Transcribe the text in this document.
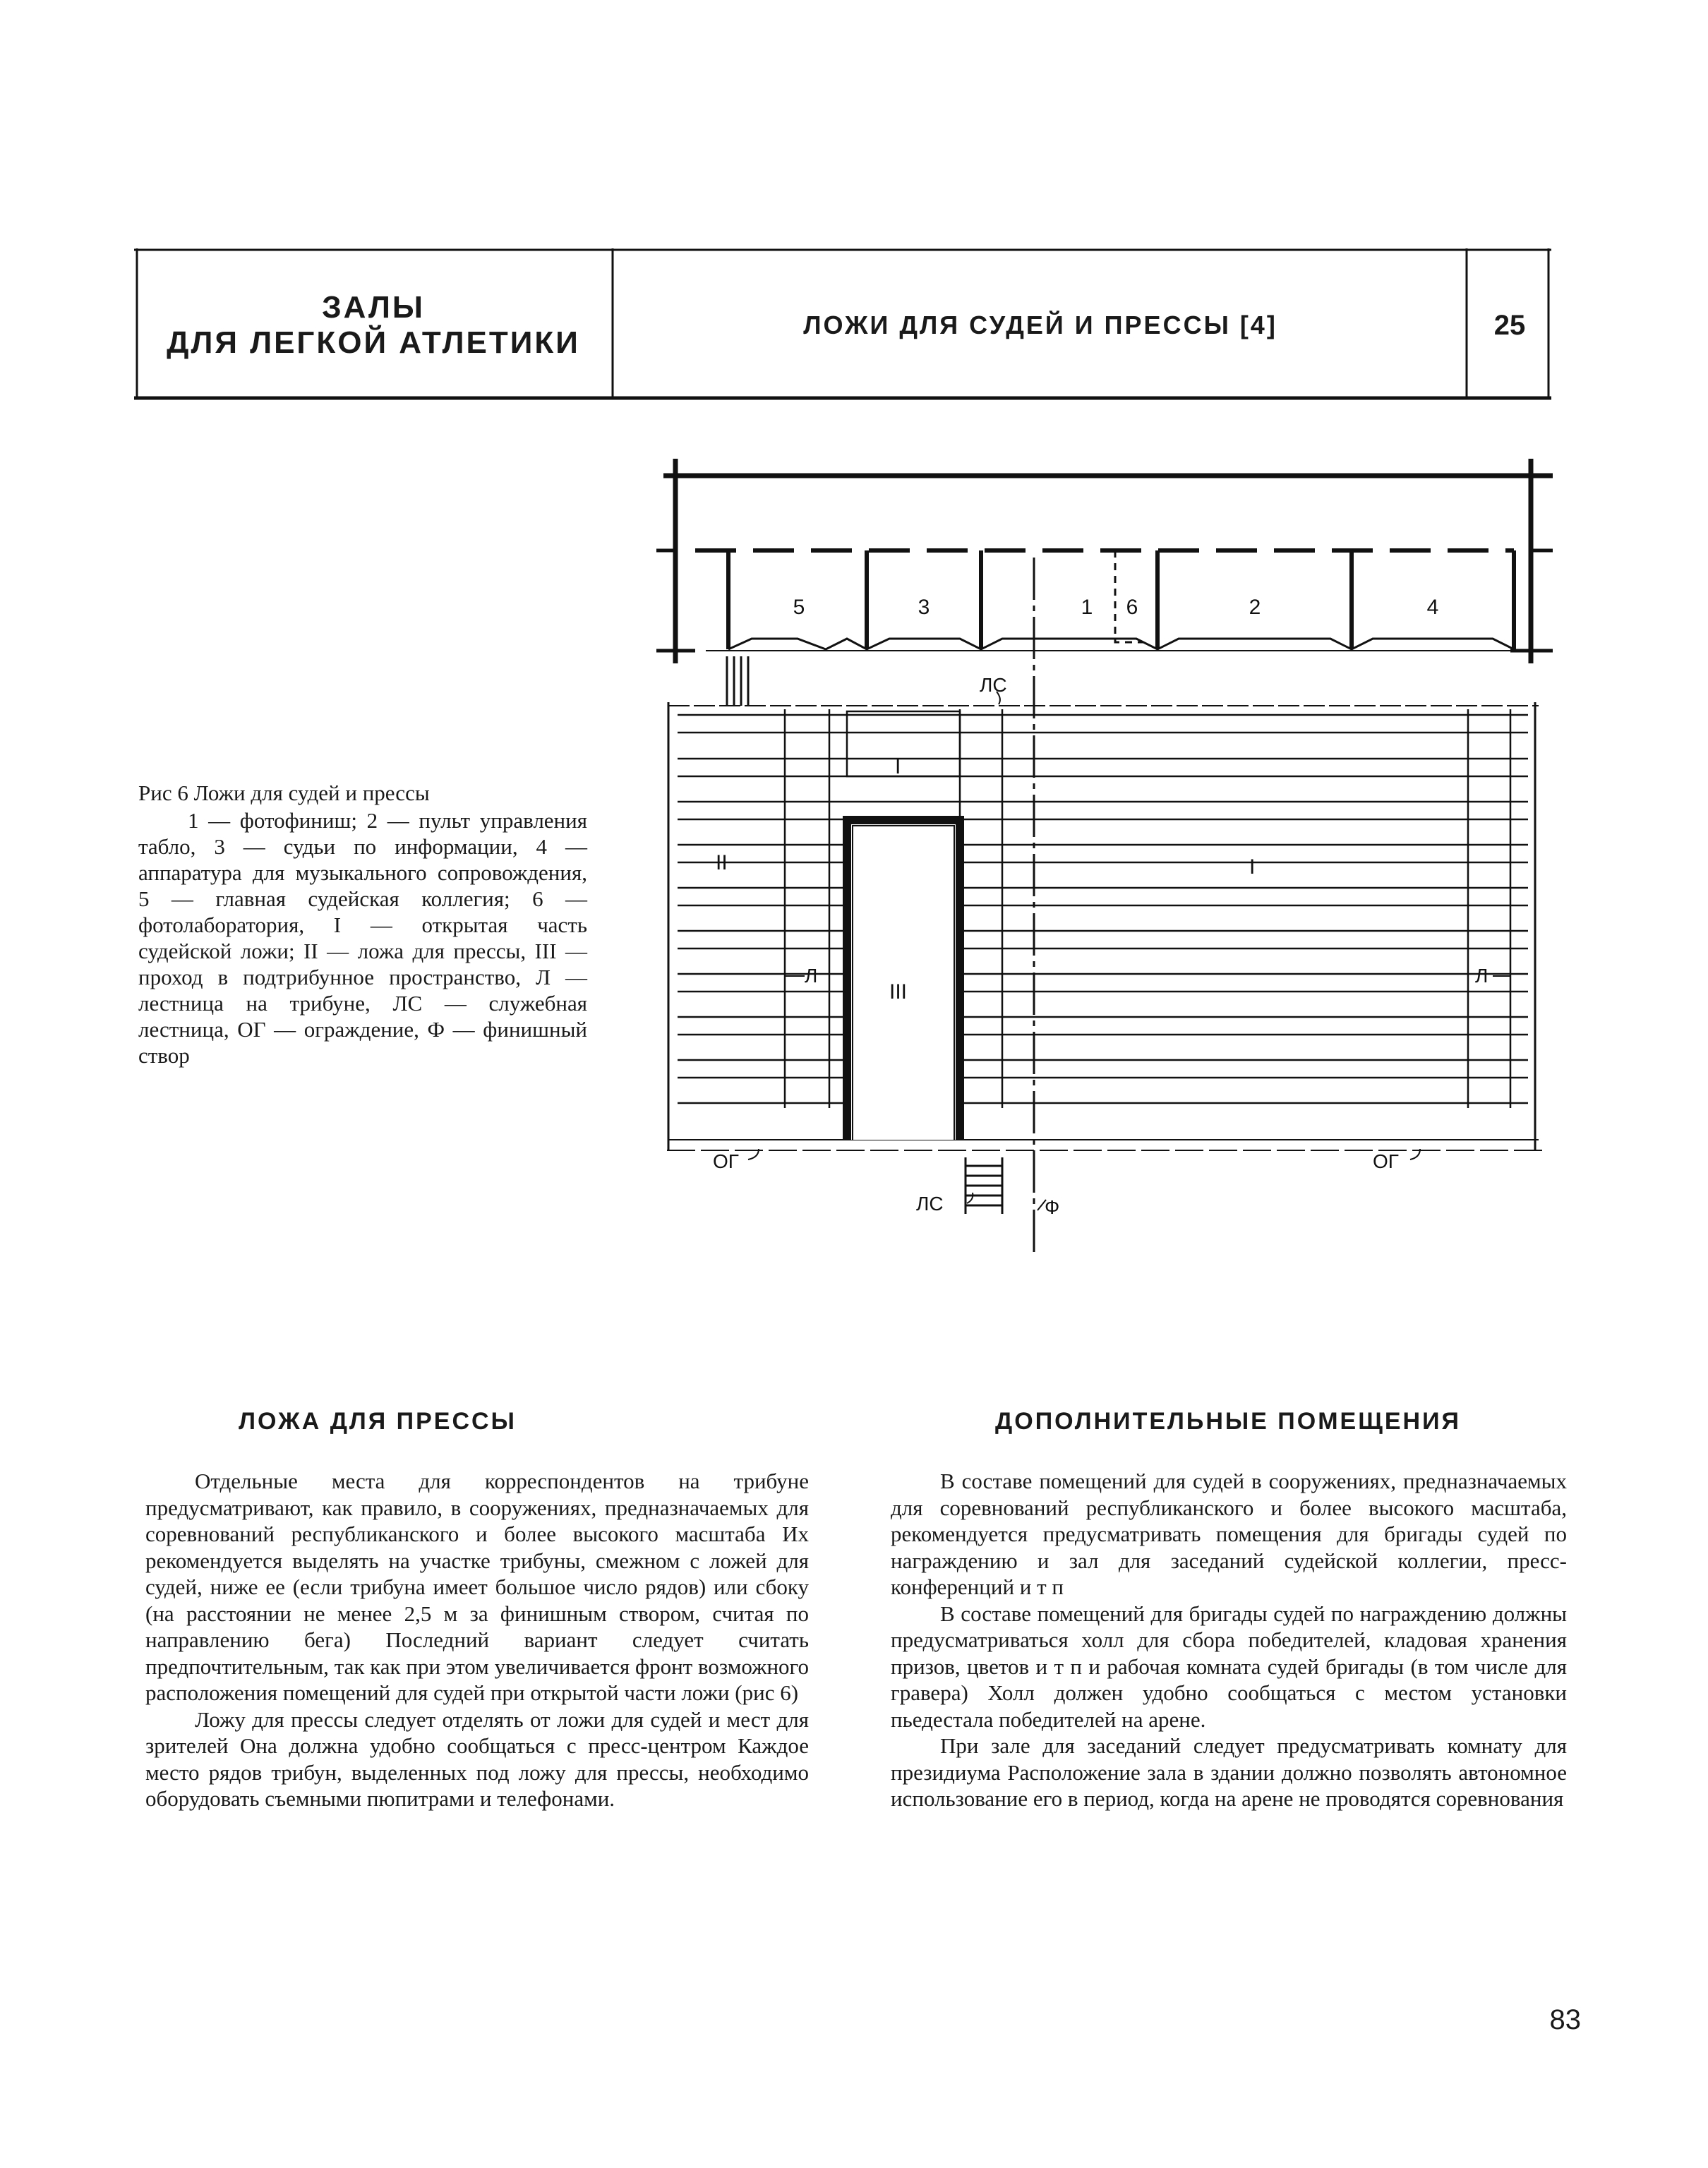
ЗАЛЫ
ДЛЯ ЛЕГКОЙ АТЛЕТИКИ
ЛОЖИ ДЛЯ СУДЕЙ И ПРЕССЫ [4]	25
Рис 6 Ложи для судей и прессы
1 — фотофиниш; 2 — пульт управления табло, 3 — судьи по информации, 4 — аппаратура для музыкального сопровождения, 5 — главная судейская коллегия; 6 — фотолаборатория, I — открытая часть судейской ложи; II — ложа для прессы, III — проход в подтрибунное пространство, Л — лестница на трибуне, ЛС — служебная лестница, ОГ — ограждение, Ф — финишный створ
5	3	1 6	2	4
ЛС
I
I
II
III
Л	Л
ОГ	ОГ
ЛС	Ф
ЛОЖА ДЛЯ ПРЕССЫ

Отдельные места для корреспондентов на трибуне предусматривают, как правило, в сооружениях, предназначаемых для соревнований республиканского и более высокого масштаба Их рекомендуется выделять на участке трибуны, смежном с ложей для судей, ниже ее (если трибуна имеет большое число рядов) или сбоку (на расстоянии не менее 2,5 м за финишным створом, считая по направлению бега) Последний вариант следует считать предпочтительным, так как при этом увеличивается фронт возможного расположения помещений для судей при открытой части ложи (рис 6)

Ложу для прессы следует отделять от ложи для судей и мест для зрителей Она должна удобно сообщаться с пресс-центром Каждое место рядов трибун, выделенных под ложу для прессы, необходимо оборудовать съемными пюпитрами и телефонами.

ДОПОЛНИТЕЛЬНЫЕ ПОМЕЩЕНИЯ

В составе помещений для судей в сооружениях, предназначаемых для соревнований республиканского и более высокого масштаба, рекомендуется предусматривать помещения для бригады судей по награждению и зал для заседаний судейской коллегии, пресс-конференций и т п

В составе помещений для бригады судей по награждению должны предусматриваться холл для сбора победителей, кладовая хранения призов, цветов и т п и рабочая комната судей бригады (в том числе для гравера) Холл должен удобно сообщаться с местом установки пьедестала победителей на арене.

При зале для заседаний следует предусматривать комнату для президиума Расположение зала в здании должно позволять автономное использование его в период, когда на арене не проводятся соревнования

83
